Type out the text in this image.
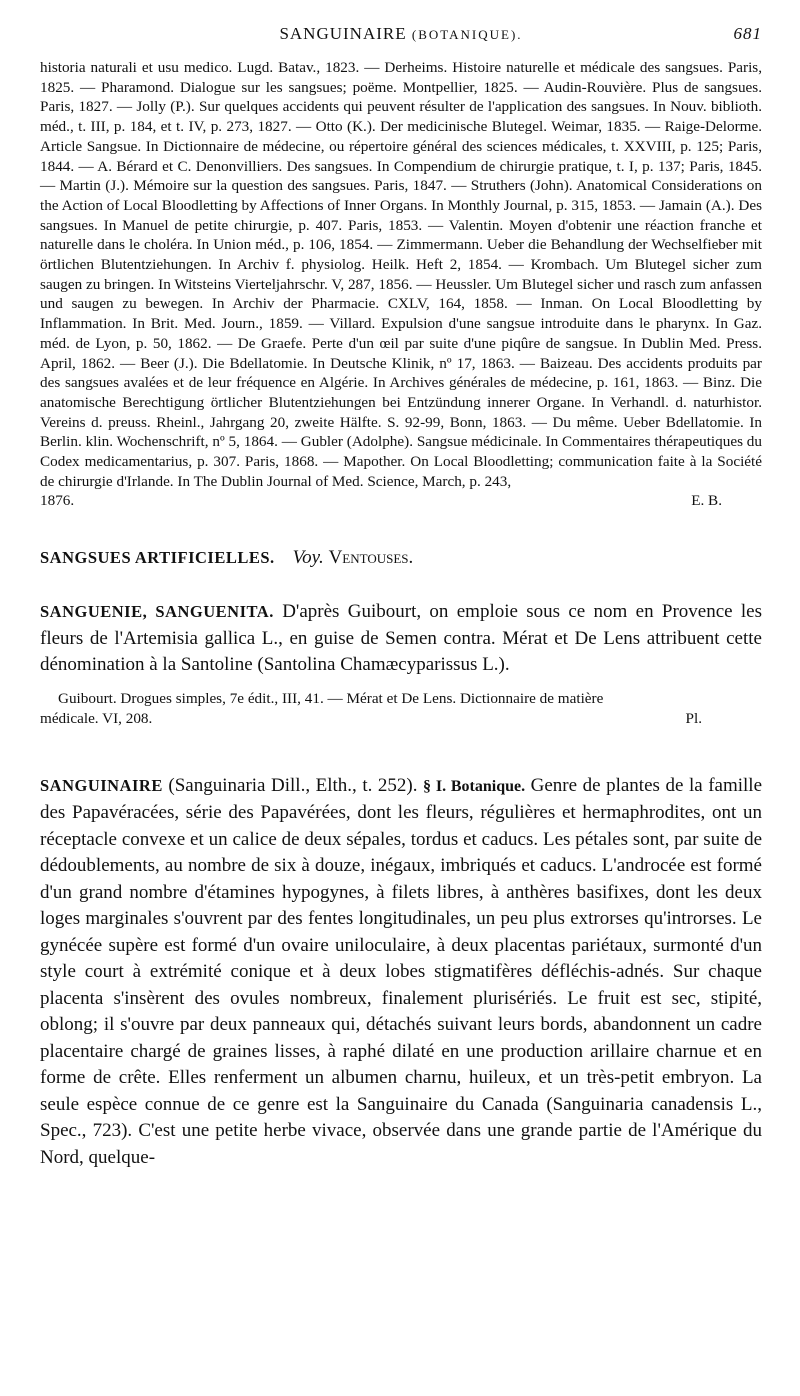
SANGUINAIRE (BOTANIQUE).	681

historia naturali et usu medico. Lugd. Batav., 1823. — Derheims. Histoire naturelle et médicale des sangsues. Paris, 1825. — Pharamond. Dialogue sur les sangsues; poëme. Montpellier, 1825. — Audin-Rouvière. Plus de sangsues. Paris, 1827. — Jolly (P.). Sur quelques accidents qui peuvent résulter de l'application des sangsues. In Nouv. biblioth. méd., t. III, p. 184, et t. IV, p. 273, 1827. — Otto (K.). Der medicinische Blutegel. Weimar, 1835. — Raige-Delorme. Article Sangsue. In Dictionnaire de médecine, ou répertoire général des sciences médicales, t. XXVIII, p. 125; Paris, 1844. — A. Bérard et C. Denonvilliers. Des sangsues. In Compendium de chirurgie pratique, t. I, p. 137; Paris, 1845. — Martin (J.). Mémoire sur la question des sangsues. Paris, 1847. — Struthers (John). Anatomical Considerations on the Action of Local Bloodletting by Affections of Inner Organs. In Monthly Journal, p. 315, 1853. — Jamain (A.). Des sangsues. In Manuel de petite chirurgie, p. 407. Paris, 1853. — Valentin. Moyen d'obtenir une réaction franche et naturelle dans le choléra. In Union méd., p. 106, 1854. — Zimmermann. Ueber die Behandlung der Wechselfieber mit örtlichen Blutentziehungen. In Archiv f. physiolog. Heilk. Heft 2, 1854. — Krombach. Um Blutegel sicher zum saugen zu bringen. In Witsteins Vierteljahrschr. V, 287, 1856. — Heussler. Um Blutegel sicher und rasch zum anfassen und saugen zu bewegen. In Archiv der Pharmacie. CXLV, 164, 1858. — Inman. On Local Bloodletting by Inflammation. In Brit. Med. Journ., 1859. — Villard. Expulsion d'une sangsue introduite dans le pharynx. In Gaz. méd. de Lyon, p. 50, 1862. — De Graefe. Perte d'un œil par suite d'une piqûre de sangsue. In Dublin Med. Press. April, 1862. — Beer (J.). Die Bdellatomie. In Deutsche Klinik, nº 17, 1863. — Baizeau. Des accidents produits par des sangsues avalées et de leur fréquence en Algérie. In Archives générales de médecine, p. 161, 1863. — Binz. Die anatomische Berechtigung örtlicher Blutentziehungen bei Entzündung innerer Organe. In Verhandl. d. naturhistor. Vereins d. preuss. Rheinl., Jahrgang 20, zweite Hälfte. S. 92-99, Bonn, 1863. — Du même. Ueber Bdellatomie. In Berlin. klin. Wochenschrift, nº 5, 1864. — Gubler (Adolphe). Sangsue médicinale. In Commentaires thérapeutiques du Codex medicamentarius, p. 307. Paris, 1868. — Mapother. On Local Bloodletting; communication faite à la Société de chirurgie d'Irlande. In The Dublin Journal of Med. Science, March, p. 243,

1876.	E. B.
SANGSUES ARTIFICIELLES. Voy. Ventouses.
SANGUENIE, SANGUENITA. D'après Guibourt, on emploie sous ce nom en Provence les fleurs de l'Artemisia gallica L., en guise de Semen contra. Mérat et De Lens attribuent cette dénomination à la Santoline (Santolina Chamæcyparissus L.).
Guibourt. Drogues simples, 7e édit., III, 41. — Mérat et De Lens. Dictionnaire de matière
médicale. VI, 208.	Pl.
SANGUINAIRE (Sanguinaria Dill., Elth., t. 252). § I. Botanique. Genre de plantes de la famille des Papavéracées, série des Papavérées, dont les fleurs, régulières et hermaphrodites, ont un réceptacle convexe et un calice de deux sépales, tordus et caducs. Les pétales sont, par suite de dédoublements, au nombre de six à douze, inégaux, imbriqués et caducs. L'androcée est formé d'un grand nombre d'étamines hypogynes, à filets libres, à anthères basifixes, dont les deux loges marginales s'ouvrent par des fentes longitudinales, un peu plus extrorses qu'introrses. Le gynécée supère est formé d'un ovaire uniloculaire, à deux placentas pariétaux, surmonté d'un style court à extrémité conique et à deux lobes stigmatifères défléchis-adnés. Sur chaque placenta s'insèrent des ovules nombreux, finalement plurisériés. Le fruit est sec, stipité, oblong; il s'ouvre par deux panneaux qui, détachés suivant leurs bords, abandonnent un cadre placentaire chargé de graines lisses, à raphé dilaté en une production arillaire charnue et en forme de crête. Elles renferment un albumen charnu, huileux, et un très-petit embryon. La seule espèce connue de ce genre est la Sanguinaire du Canada (Sanguinaria canadensis L., Spec., 723). C'est une petite herbe vivace, observée dans une grande partie de l'Amérique du Nord, quelque-
